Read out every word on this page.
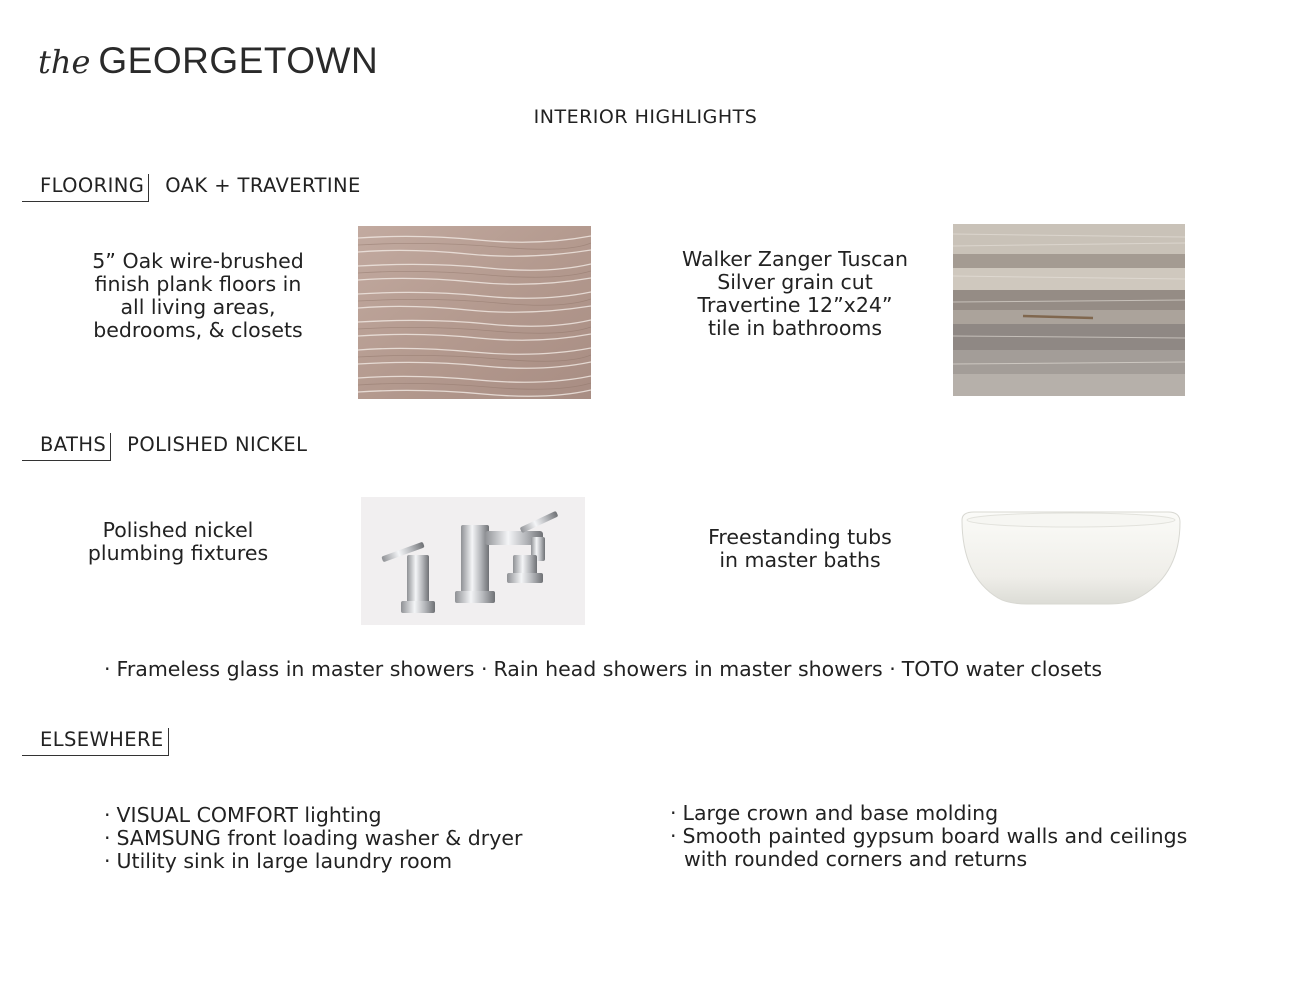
the GEORGETOWN
INTERIOR HIGHLIGHTS
FLOORING OAK + TRAVERTINE
5” Oak wire-brushed
finish plank floors in
all living areas,
bedrooms, & closets
Walker Zanger Tuscan
Silver grain cut
Travertine 12”x24”
tile in bathrooms
BATHS POLISHED NICKEL
Polished nickel
plumbing fixtures
Freestanding tubs
in master baths
· Frameless glass in master showers · Rain head showers in master showers · TOTO water closets
ELSEWHERE
· VISUAL COMFORT lighting
· SAMSUNG front loading washer & dryer
· Utility sink in large laundry room
· Large crown and base molding
· Smooth painted gypsum board walls and ceilings
with rounded corners and returns
